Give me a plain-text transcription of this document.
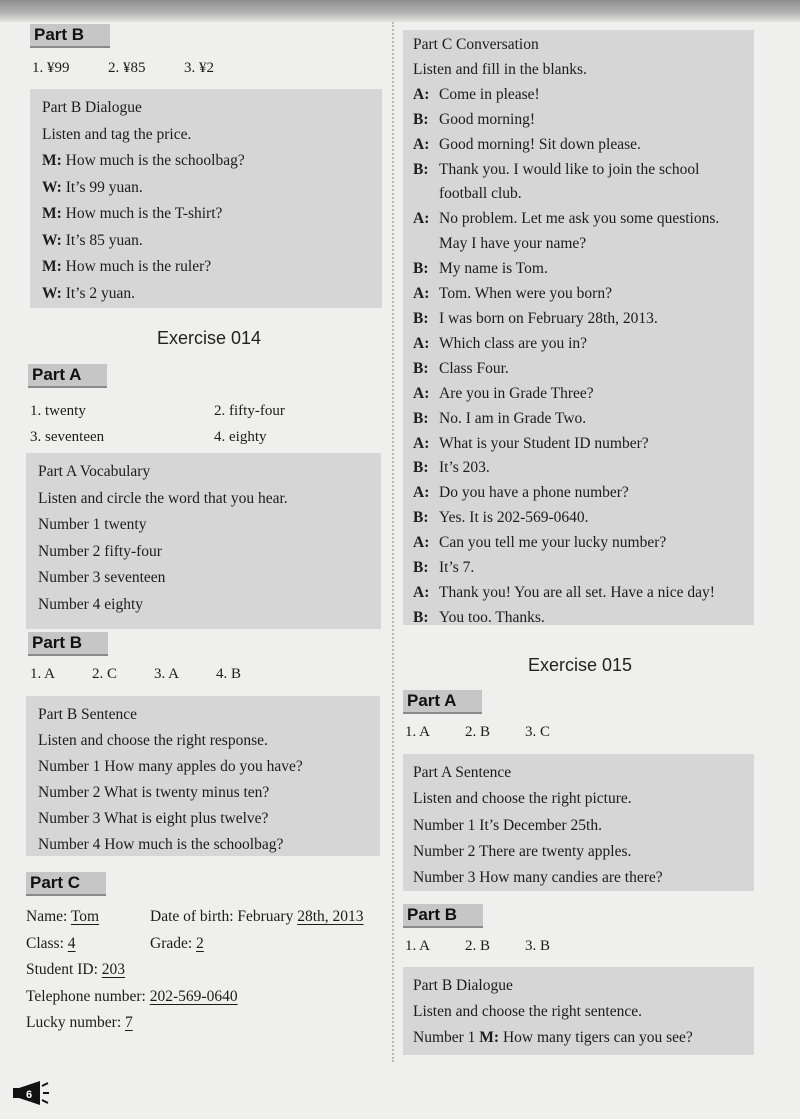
Part B
1. ¥99	2. ¥85	3. ¥2
Part B Dialogue
Listen and tag the price.
M: How much is the schoolbag?
W: It’s 99 yuan.
M: How much is the T-shirt?
W: It’s 85 yuan.
M: How much is the ruler?
W: It’s 2 yuan.
Exercise 014
Part A
1. twenty	2. fifty-four
3. seventeen	4. eighty
Part A Vocabulary
Listen and circle the word that you hear.
Number 1 twenty
Number 2 fifty-four
Number 3 seventeen
Number 4 eighty
Part B
1. A	2. C	3. A	4. B
Part B Sentence
Listen and choose the right response.
Number 1 How many apples do you have?
Number 2 What is twenty minus ten?
Number 3 What is eight plus twelve?
Number 4 How much is the schoolbag?
Part C
Name: Tom	Date of birth: February 28th, 2013
Class: 4	Grade: 2
Student ID: 203
Telephone number: 202-569-0640
Lucky number: 7
Part C Conversation
Listen and fill in the blanks.
A: Come in please!
B: Good morning!
A: Good morning! Sit down please.
B: Thank you. I would like to join the school football club.
A: No problem. Let me ask you some questions. May I have your name?
B: My name is Tom.
A: Tom. When were you born?
B: I was born on February 28th, 2013.
A: Which class are you in?
B: Class Four.
A: Are you in Grade Three?
B: No. I am in Grade Two.
A: What is your Student ID number?
B: It’s 203.
A: Do you have a phone number?
B: Yes. It is 202-569-0640.
A: Can you tell me your lucky number?
B: It’s 7.
A: Thank you! You are all set. Have a nice day!
B: You too. Thanks.
Exercise 015
Part A
1. A	2. B	3. C
Part A Sentence
Listen and choose the right picture.
Number 1 It’s December 25th.
Number 2 There are twenty apples.
Number 3 How many candies are there?
Part B
1. A	2. B	3. B
Part B Dialogue
Listen and choose the right sentence.
Number 1 M: How many tigers can you see?
6
